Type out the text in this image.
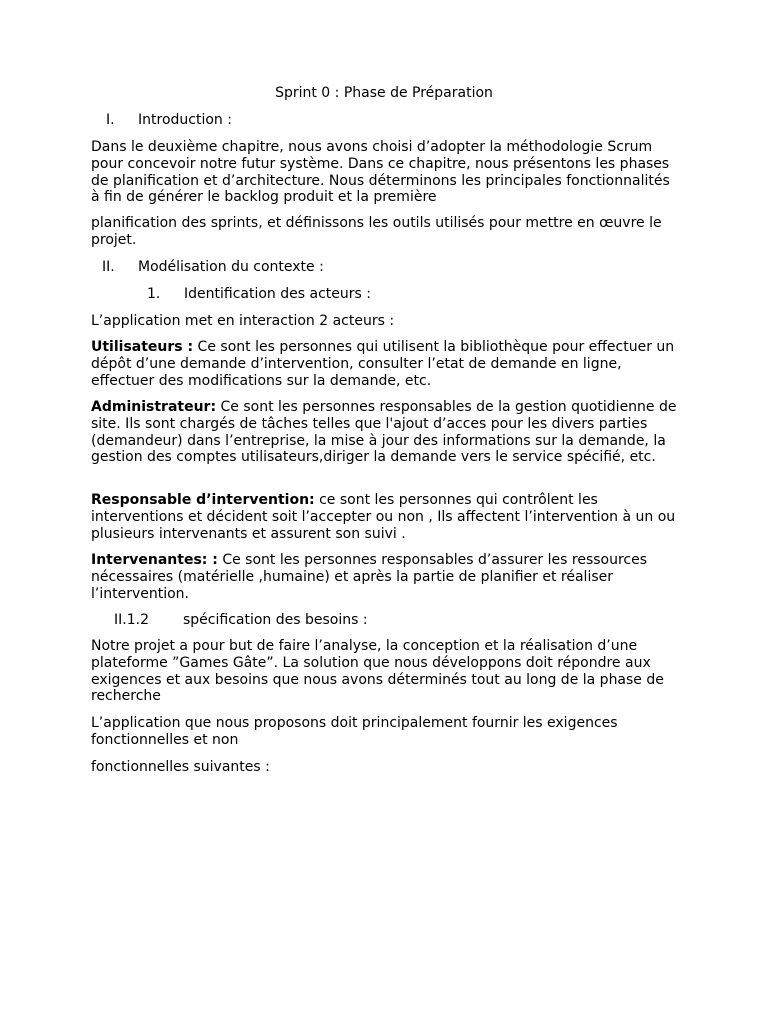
Sprint 0 : Phase de Préparation
I. Introduction :

Dans le deuxième chapitre, nous avons choisi d’adopter la méthodologie Scrum pour concevoir notre futur système. Dans ce chapitre, nous présentons les phases de planification et d’architecture. Nous déterminons les principales fonctionnalités à fin de générer le backlog produit et la première

planification des sprints, et définissons les outils utilisés pour mettre en œuvre le projet.

II. Modélisation du contexte :
1. Identification des acteurs :

L’application met en interaction 2 acteurs :

Utilisateurs : Ce sont les personnes qui utilisent la bibliothèque pour effectuer un dépôt d’une demande d’intervention, consulter l’etat de demande en ligne, effectuer des modifications sur la demande, etc.

Administrateur: Ce sont les personnes responsables de la gestion quotidienne de site. Ils sont chargés de tâches telles que l'ajout d’acces pour les divers parties (demandeur) dans l’entreprise, la mise à jour des informations sur la demande, la gestion des comptes utilisateurs,diriger la demande vers le service spécifié, etc.

Responsable d’intervention: ce sont les personnes qui contrôlent les interventions et décident soit l’accepter ou non , Ils affectent l’intervention à un ou plusieurs intervenants et assurent son suivi .

Intervenantes: : Ce sont les personnes responsables d’assurer les ressources nécessaires (matérielle ,humaine) et après la partie de planifier et réaliser l’intervention.

II.1.2 spécification des besoins :

Notre projet a pour but de faire l’analyse, la conception et la réalisation d’une plateforme ”Games Gâte”. La solution que nous développons doit répondre aux exigences et aux besoins que nous avons déterminés tout au long de la phase de recherche

L’application que nous proposons doit principalement fournir les exigences fonctionnelles et non

fonctionnelles suivantes :
